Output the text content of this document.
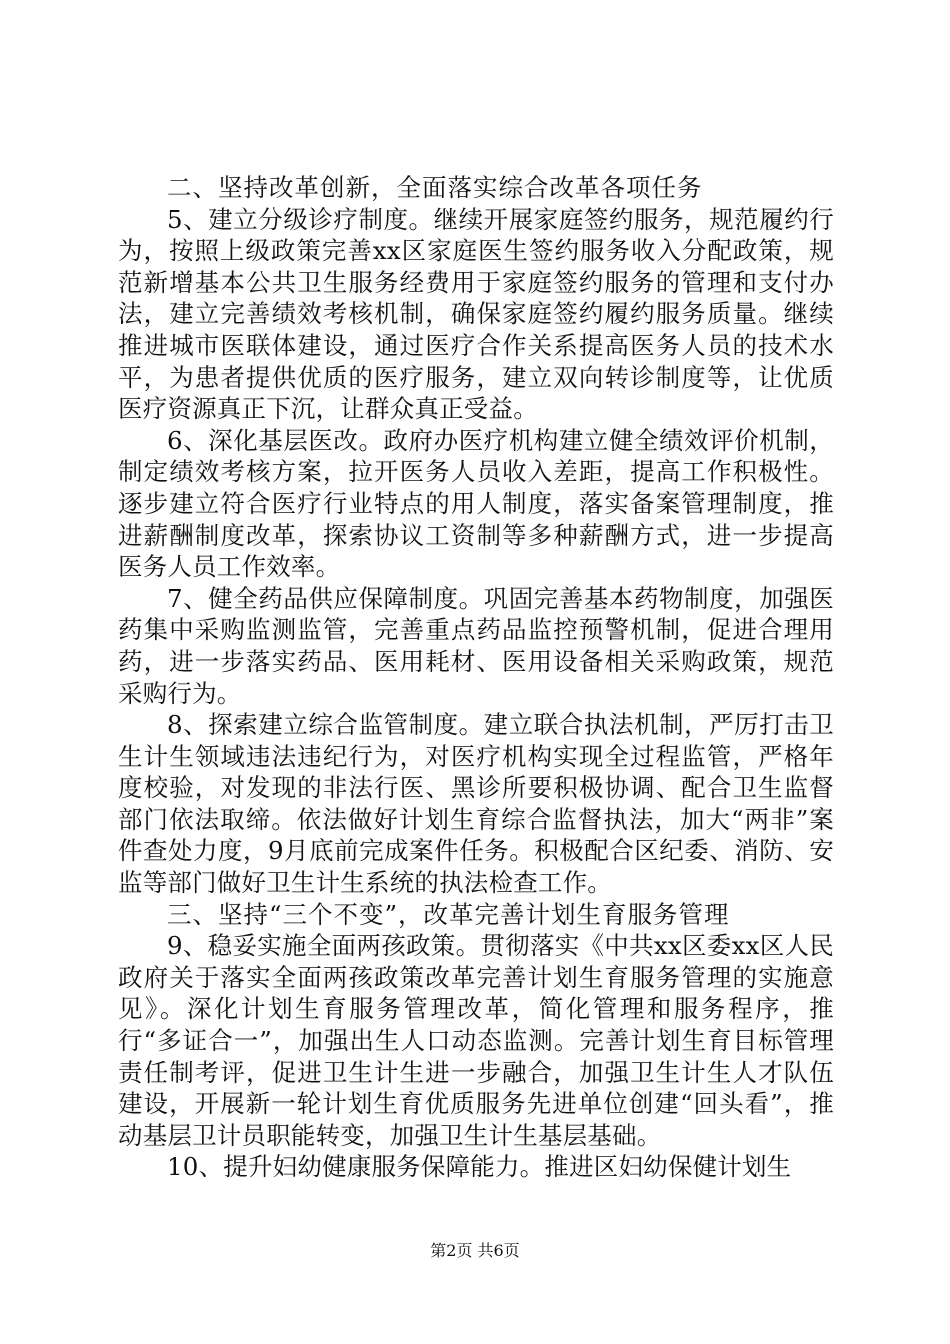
二、坚持改革创新，全面落实综合改革各项任务

5、建立分级诊疗制度。继续开展家庭签约服务，规范履约行为，按照上级政策完善xx区家庭医生签约服务收入分配政策，规范新增基本公共卫生服务经费用于家庭签约服务的管理和支付办法，建立完善绩效考核机制，确保家庭签约履约服务质量。继续推进城市医联体建设，通过医疗合作关系提高医务人员的技术水平，为患者提供优质的医疗服务，建立双向转诊制度等，让优质医疗资源真正下沉，让群众真正受益。

6、深化基层医改。政府办医疗机构建立健全绩效评价机制，制定绩效考核方案，拉开医务人员收入差距，提高工作积极性。逐步建立符合医疗行业特点的用人制度，落实备案管理制度，推进薪酬制度改革，探索协议工资制等多种薪酬方式，进一步提高医务人员工作效率。

7、健全药品供应保障制度。巩固完善基本药物制度，加强医药集中采购监测监管，完善重点药品监控预警机制，促进合理用药，进一步落实药品、医用耗材、医用设备相关采购政策，规范采购行为。

8、探索建立综合监管制度。建立联合执法机制，严厉打击卫生计生领域违法违纪行为，对医疗机构实现全过程监管，严格年度校验，对发现的非法行医、黑诊所要积极协调、配合卫生监督部门依法取缔。依法做好计划生育综合监督执法，加大“两非”案件查处力度，9月底前完成案件任务。积极配合区纪委、消防、安监等部门做好卫生计生系统的执法检查工作。

三、坚持“三个不变”，改革完善计划生育服务管理

9、稳妥实施全面两孩政策。贯彻落实《中共xx区委xx区人民政府关于落实全面两孩政策改革完善计划生育服务管理的实施意见》。深化计划生育服务管理改革，简化管理和服务程序，推行“多证合一”，加强出生人口动态监测。完善计划生育目标管理责任制考评，促进卫生计生进一步融合，加强卫生计生人才队伍建设，开展新一轮计划生育优质服务先进单位创建“回头看”，推动基层卫计员职能转变，加强卫生计生基层基础。

10、提升妇幼健康服务保障能力。推进区妇幼保健计划生

第2页 共6页
